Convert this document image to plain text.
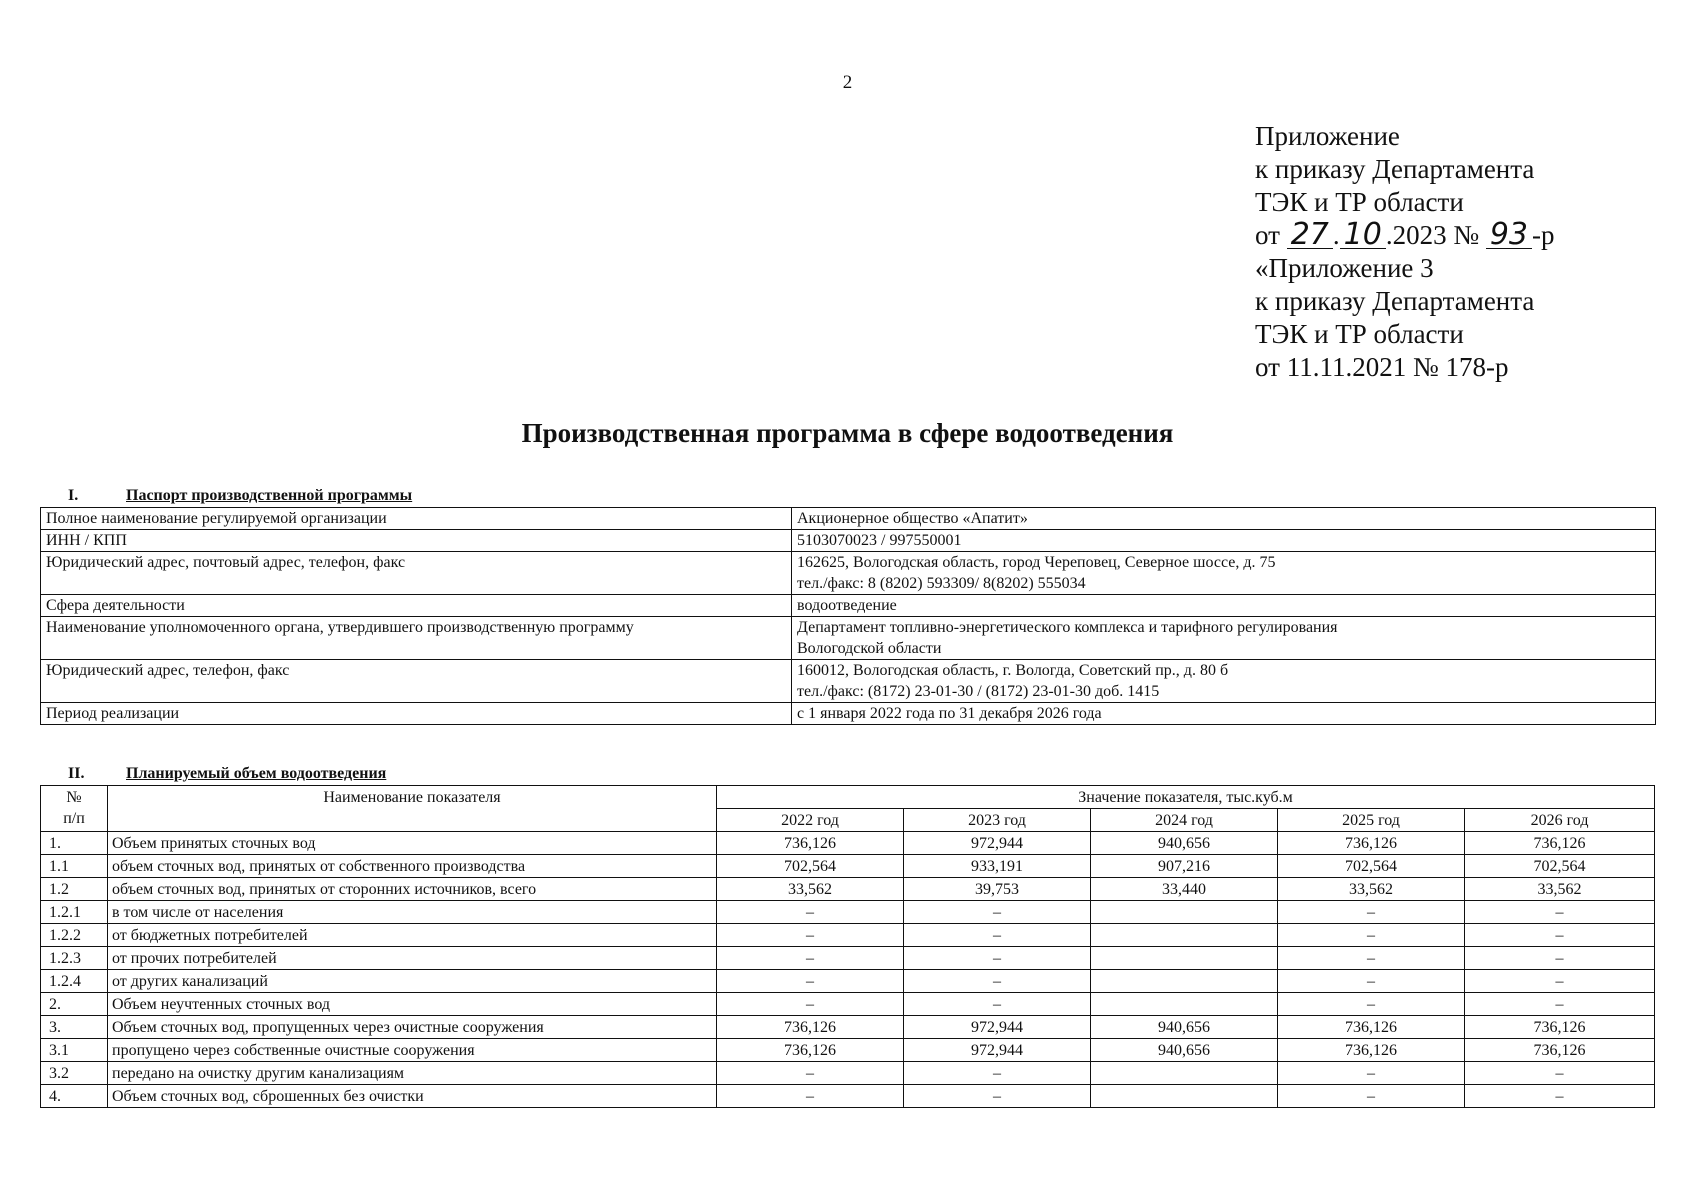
2
Приложение
к приказу Департамента
ТЭК и ТР области
от 27 . 10 .2023 № 93 -р
«Приложение 3
к приказу Департамента
ТЭК и ТР области
от 11.11.2021 № 178-р
Производственная программа в сфере водоотведения
I.	Паспорт производственной программы
Полное наименование регулируемой организации	Акционерное общество «Апатит»
ИНН / КПП	5103070023 / 997550001
Юридический адрес, почтовый адрес, телефон, факс	162625, Вологодская область, город Череповец, Северное шоссе, д. 75
тел./факс: 8 (8202) 593309/ 8(8202) 555034

Сфера деятельности	водоотведение
Наименование уполномоченного органа, утвердившего производственную программу	Департамент топливно-энергетического комплекса и тарифного регулирования
Вологодской области

Юридический адрес, телефон, факс	160012, Вологодская область, г. Вологда, Советский пр., д. 80 б
тел./факс: (8172) 23-01-30 / (8172) 23-01-30 доб. 1415

Период реализации	с 1 января 2022 года по 31 декабря 2026 года
II.	Планируемый объем водоотведения
№
п/п	Наименование показателя	Значение показателя, тыс.куб.м				
		2022 год	2023 год	2024 год	2025 год	2026 год
1.	Объем принятых сточных вод	736,126	972,944	940,656	736,126	736,126
1.1	объем сточных вод, принятых от собственного производства	702,564	933,191	907,216	702,564	702,564
1.2	объем сточных вод, принятых от сторонних источников, всего	33,562	39,753	33,440	33,562	33,562
1.2.1	в том числе от населения	–	–		–	–
1.2.2	от бюджетных потребителей	–	–		–	–
1.2.3	от прочих потребителей	–	–		–	–
1.2.4	от других канализаций	–	–		–	–
2.	Объем неучтенных сточных вод	–	–		–	–
3.	Объем сточных вод, пропущенных через очистные сооружения	736,126	972,944	940,656	736,126	736,126
3.1	пропущено через собственные очистные сооружения	736,126	972,944	940,656	736,126	736,126
3.2	передано на очистку другим канализациям	–	–		–	–
4.	Объем сточных вод, сброшенных без очистки	–	–		–	–
